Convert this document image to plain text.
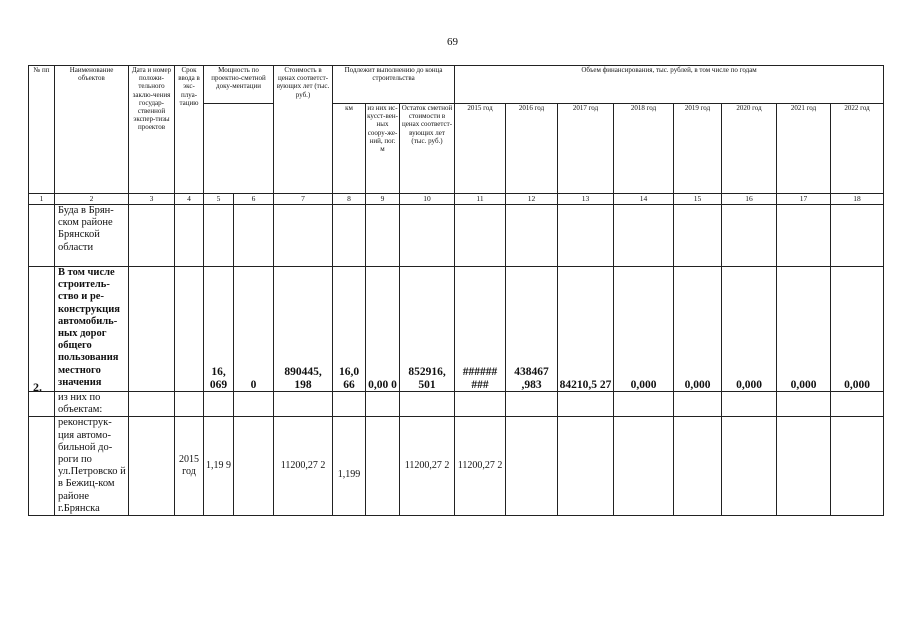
69
№ пп	Наименование объектов	Дата и номер положи-тельного заклю-чения государ-ственной экспер-тизы проектов	Срок ввода в экс-плуа-тацию	Мощность по проектно-сметной доку-ментации		Стоимость в ценах соответст-вующих лет (тыс. руб.)	Подлежит выполнению до конца строительства			Объем финансирования, тыс. рублей, в том числе по годам							
										2015 год	2016 год	2017 год	2018 год	2019 год	2020 год	2021 год	2022 год
							км	из них ис-кусст-вен-ных соору-же-ний, пог. м	Остаток сметной стоимости в ценах соответст-вующих лет (тыс. руб.)								
1	2	3	4	5	6	7	8	9	10	11	12	13	14	15	16	17	18
	Буда в Брян-ском районе Брянской области																
2.	В том числе строитель-ство и ре-конструкция автомобиль-ных дорог общего пользования местного значения			16, 069	0	890445, 198	16,0 66	0,00 0	852916, 501	###### ###	438467 ,983	84210,5 27	0,000	0,000	0,000	0,000	0,000
	из них по объектам:																
	реконструк-ция автомо-бильной до-роги по ул.Петровско й в Бежиц-ком районе г.Брянска		2015 год	1,19 9		11200,27 2	1,199		11200,27 2	11200,27 2							
